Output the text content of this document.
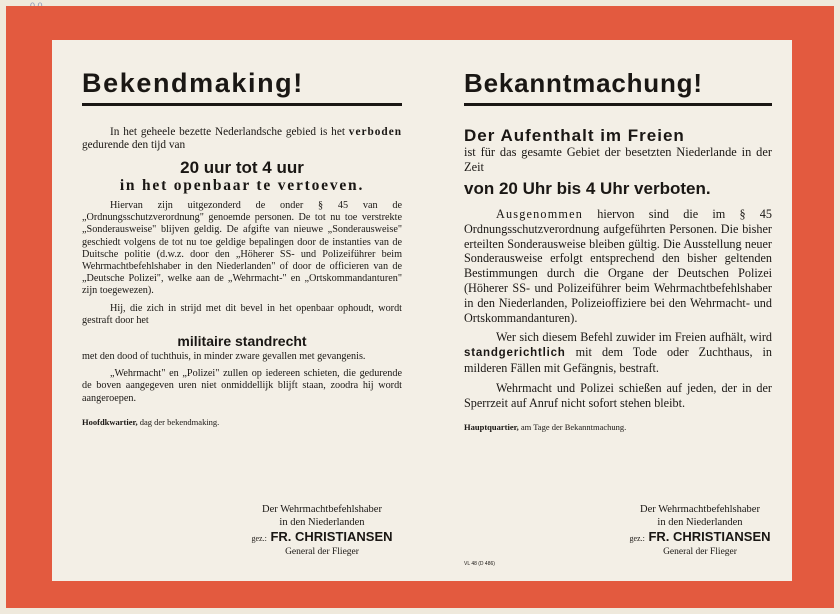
Bekendmaking!

In het geheele bezette Nederlandsche gebied is het verboden gedurende den tijd van

20 uur tot 4 uur
in het openbaar te vertoeven.

Hiervan zijn uitgezonderd de onder § 45 van de „Ordnungsschutzverordnung" genoemde personen. De tot nu toe verstrekte „Sonderausweise" blijven geldig. De afgifte van nieuwe „Sonderausweise" geschiedt volgens de tot nu toe geldige bepalingen door de instanties van de Duitsche politie (d.w.z. door den „Höherer SS- und Polizeiführer beim Wehrmachtbefehlshaber in den Niederlanden" of door de officieren van de „Deutsche Polizei", welke aan de „Wehrmacht-" en „Ortskommandanturen" zijn toegewezen).

Hij, die zich in strijd met dit bevel in het openbaar ophoudt, wordt gestraft door het

militaire standrecht

met den dood of tuchthuis, in minder zware gevallen met gevangenis.

„Wehrmacht" en „Polizei" zullen op iedereen schieten, die gedurende de boven aangegeven uren niet onmiddellijk blijft staan, zoodra hij wordt aangeroepen.

Hoofdkwartier, dag der bekendmaking.

Der Wehrmachtbefehlshaber
in den Niederlanden
gez.: FR. CHRISTIANSEN
General der Flieger
Bekanntmachung!
Der Aufenthalt im Freien

ist für das gesamte Gebiet der besetzten Niederlande in der Zeit

von 20 Uhr bis 4 Uhr verboten.

Ausgenommen hiervon sind die im § 45 Ordnungsschutzverordnung aufgeführten Personen. Die bisher erteilten Sonderausweise bleiben gültig. Die Ausstellung neuer Sonderausweise erfolgt entsprechend den bisher geltenden Bestimmungen durch die Organe der Deutschen Polizei (Höherer SS- und Polizeiführer beim Wehrmachtbefehlshaber in den Niederlanden, Polizeioffiziere bei den Wehrmacht- und Ortskommandanturen).

Wer sich diesem Befehl zuwider im Freien aufhält, wird standgerichtlich mit dem Tode oder Zuchthaus, in milderen Fällen mit Gefängnis, bestraft.

Wehrmacht und Polizei schießen auf jeden, der in der Sperrzeit auf Anruf nicht sofort stehen bleibt.

Hauptquartier, am Tage der Bekanntmachung.

VL 48 (D 486)
Der Wehrmachtbefehlshaber
in den Niederlanden
gez.: FR. CHRISTIANSEN
General der Flieger
